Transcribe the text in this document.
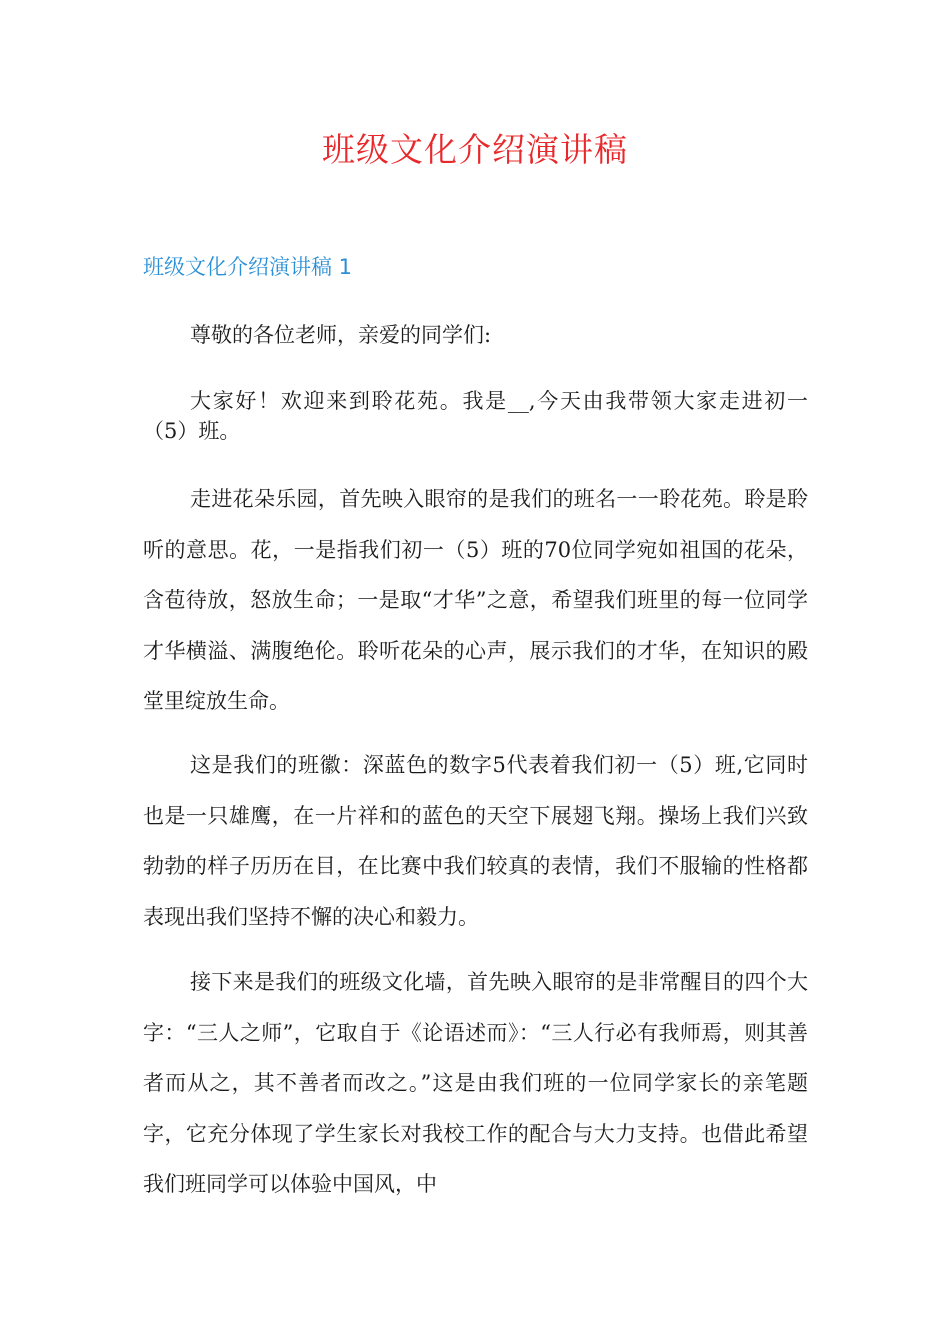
班级文化介绍演讲稿
班级文化介绍演讲稿 1

尊敬的各位老师，亲爱的同学们:

大家好！欢迎来到聆花苑。我是__,今天由我带领大家走进初一（5）班。

走进花朵乐园，首先映入眼帘的是我们的班名一一聆花苑。聆是聆听的意思。花，一是指我们初一（5）班的70位同学宛如祖国的花朵，含苞待放，怒放生命；一是取“才华”之意，希望我们班里的每一位同学才华横溢、满腹绝伦。聆听花朵的心声，展示我们的才华，在知识的殿堂里绽放生命。

这是我们的班徽：深蓝色的数字5代表着我们初一（5）班,它同时也是一只雄鹰，在一片祥和的蓝色的天空下展翅飞翔。操场上我们兴致勃勃的样子历历在目，在比赛中我们较真的表情，我们不服输的性格都表现出我们坚持不懈的决心和毅力。

接下来是我们的班级文化墙，首先映入眼帘的是非常醒目的四个大字：“三人之师”，它取自于《论语述而》：“三人行必有我师焉，则其善者而从之，其不善者而改之。”这是由我们班的一位同学家长的亲笔题字，它充分体现了学生家长对我校工作的配合与大力支持。也借此希望我们班同学可以体验中国风，中
